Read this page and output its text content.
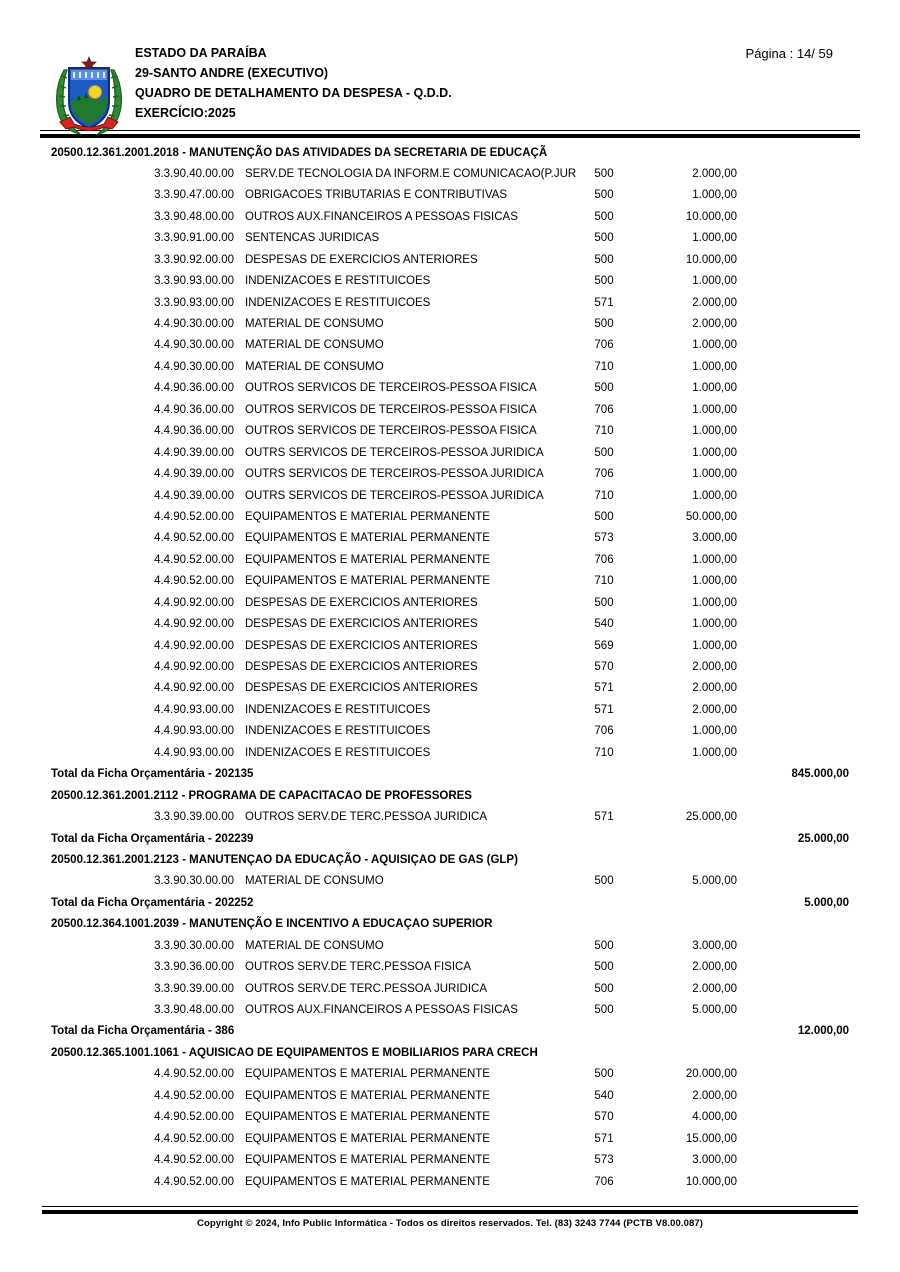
ESTADO DA PARAÍBA
29-SANTO ANDRE (EXECUTIVO)
QUADRO DE DETALHAMENTO DA DESPESA - Q.D.D.
EXERCÍCIO:2025
Página : 14/ 59
20500.12.361.2001.2018 - MANUTENÇÃO DAS ATIVIDADES DA SECRETARIA DE EDUCAÇÃ
3.3.90.40.00.00 SERV.DE TECNOLOGIA DA INFORM.E COMUNICACAO(P.JUR	500	2.000,00
3.3.90.47.00.00 OBRIGACOES TRIBUTARIAS E CONTRIBUTIVAS	500	1.000,00
3.3.90.48.00.00 OUTROS AUX.FINANCEIROS A PESSOAS FISICAS	500	10.000,00
3.3.90.91.00.00 SENTENCAS JURIDICAS	500	1.000,00
3.3.90.92.00.00 DESPESAS DE EXERCICIOS ANTERIORES	500	10.000,00
3.3.90.93.00.00 INDENIZACOES E RESTITUICOES	500	1.000,00
3.3.90.93.00.00 INDENIZACOES E RESTITUICOES	571	2.000,00
4.4.90.30.00.00 MATERIAL DE CONSUMO	500	2.000,00
4.4.90.30.00.00 MATERIAL DE CONSUMO	706	1.000,00
4.4.90.30.00.00 MATERIAL DE CONSUMO	710	1.000,00
4.4.90.36.00.00 OUTROS SERVICOS DE TERCEIROS-PESSOA FISICA	500	1.000,00
4.4.90.36.00.00 OUTROS SERVICOS DE TERCEIROS-PESSOA FISICA	706	1.000,00
4.4.90.36.00.00 OUTROS SERVICOS DE TERCEIROS-PESSOA FISICA	710	1.000,00
4.4.90.39.00.00 OUTRS SERVICOS DE TERCEIROS-PESSOA JURIDICA	500	1.000,00
4.4.90.39.00.00 OUTRS SERVICOS DE TERCEIROS-PESSOA JURIDICA	706	1.000,00
4.4.90.39.00.00 OUTRS SERVICOS DE TERCEIROS-PESSOA JURIDICA	710	1.000,00
4.4.90.52.00.00 EQUIPAMENTOS E MATERIAL PERMANENTE	500	50.000,00
4.4.90.52.00.00 EQUIPAMENTOS E MATERIAL PERMANENTE	573	3.000,00
4.4.90.52.00.00 EQUIPAMENTOS E MATERIAL PERMANENTE	706	1.000,00
4.4.90.52.00.00 EQUIPAMENTOS E MATERIAL PERMANENTE	710	1.000,00
4.4.90.92.00.00 DESPESAS DE EXERCICIOS ANTERIORES	500	1.000,00
4.4.90.92.00.00 DESPESAS DE EXERCICIOS ANTERIORES	540	1.000,00
4.4.90.92.00.00 DESPESAS DE EXERCICIOS ANTERIORES	569	1.000,00
4.4.90.92.00.00 DESPESAS DE EXERCICIOS ANTERIORES	570	2.000,00
4.4.90.92.00.00 DESPESAS DE EXERCICIOS ANTERIORES	571	2.000,00
4.4.90.93.00.00 INDENIZACOES E RESTITUICOES	571	2.000,00
4.4.90.93.00.00 INDENIZACOES E RESTITUICOES	706	1.000,00
4.4.90.93.00.00 INDENIZACOES E RESTITUICOES	710	1.000,00
Total da Ficha Orçamentária - 202135	845.000,00
20500.12.361.2001.2112 - PROGRAMA DE CAPACITACAO DE PROFESSORES
3.3.90.39.00.00 OUTROS SERV.DE TERC.PESSOA JURIDICA	571	25.000,00
Total da Ficha Orçamentária - 202239	25.000,00
20500.12.361.2001.2123 - MANUTENÇAO DA EDUCAÇÃO - AQUISIÇAO DE GAS (GLP)
3.3.90.30.00.00 MATERIAL DE CONSUMO	500	5.000,00
Total da Ficha Orçamentária - 202252	5.000,00
20500.12.364.1001.2039 - MANUTENÇÃO E INCENTIVO A EDUCAÇAO SUPERIOR
3.3.90.30.00.00 MATERIAL DE CONSUMO	500	3.000,00
3.3.90.36.00.00 OUTROS SERV.DE TERC.PESSOA FISICA	500	2.000,00
3.3.90.39.00.00 OUTROS SERV.DE TERC.PESSOA JURIDICA	500	2.000,00
3.3.90.48.00.00 OUTROS AUX.FINANCEIROS A PESSOAS FISICAS	500	5.000,00
Total da Ficha Orçamentária - 386	12.000,00
20500.12.365.1001.1061 - AQUISICAO DE EQUIPAMENTOS E MOBILIARIOS PARA CRECH
4.4.90.52.00.00 EQUIPAMENTOS E MATERIAL PERMANENTE	500	20.000,00
4.4.90.52.00.00 EQUIPAMENTOS E MATERIAL PERMANENTE	540	2.000,00
4.4.90.52.00.00 EQUIPAMENTOS E MATERIAL PERMANENTE	570	4.000,00
4.4.90.52.00.00 EQUIPAMENTOS E MATERIAL PERMANENTE	571	15.000,00
4.4.90.52.00.00 EQUIPAMENTOS E MATERIAL PERMANENTE	573	3.000,00
4.4.90.52.00.00 EQUIPAMENTOS E MATERIAL PERMANENTE	706	10.000,00
Copyright © 2024, Info Public Informática - Todos os direitos reservados. Tel. (83) 3243 7744 (PCTB V8.00.087)
